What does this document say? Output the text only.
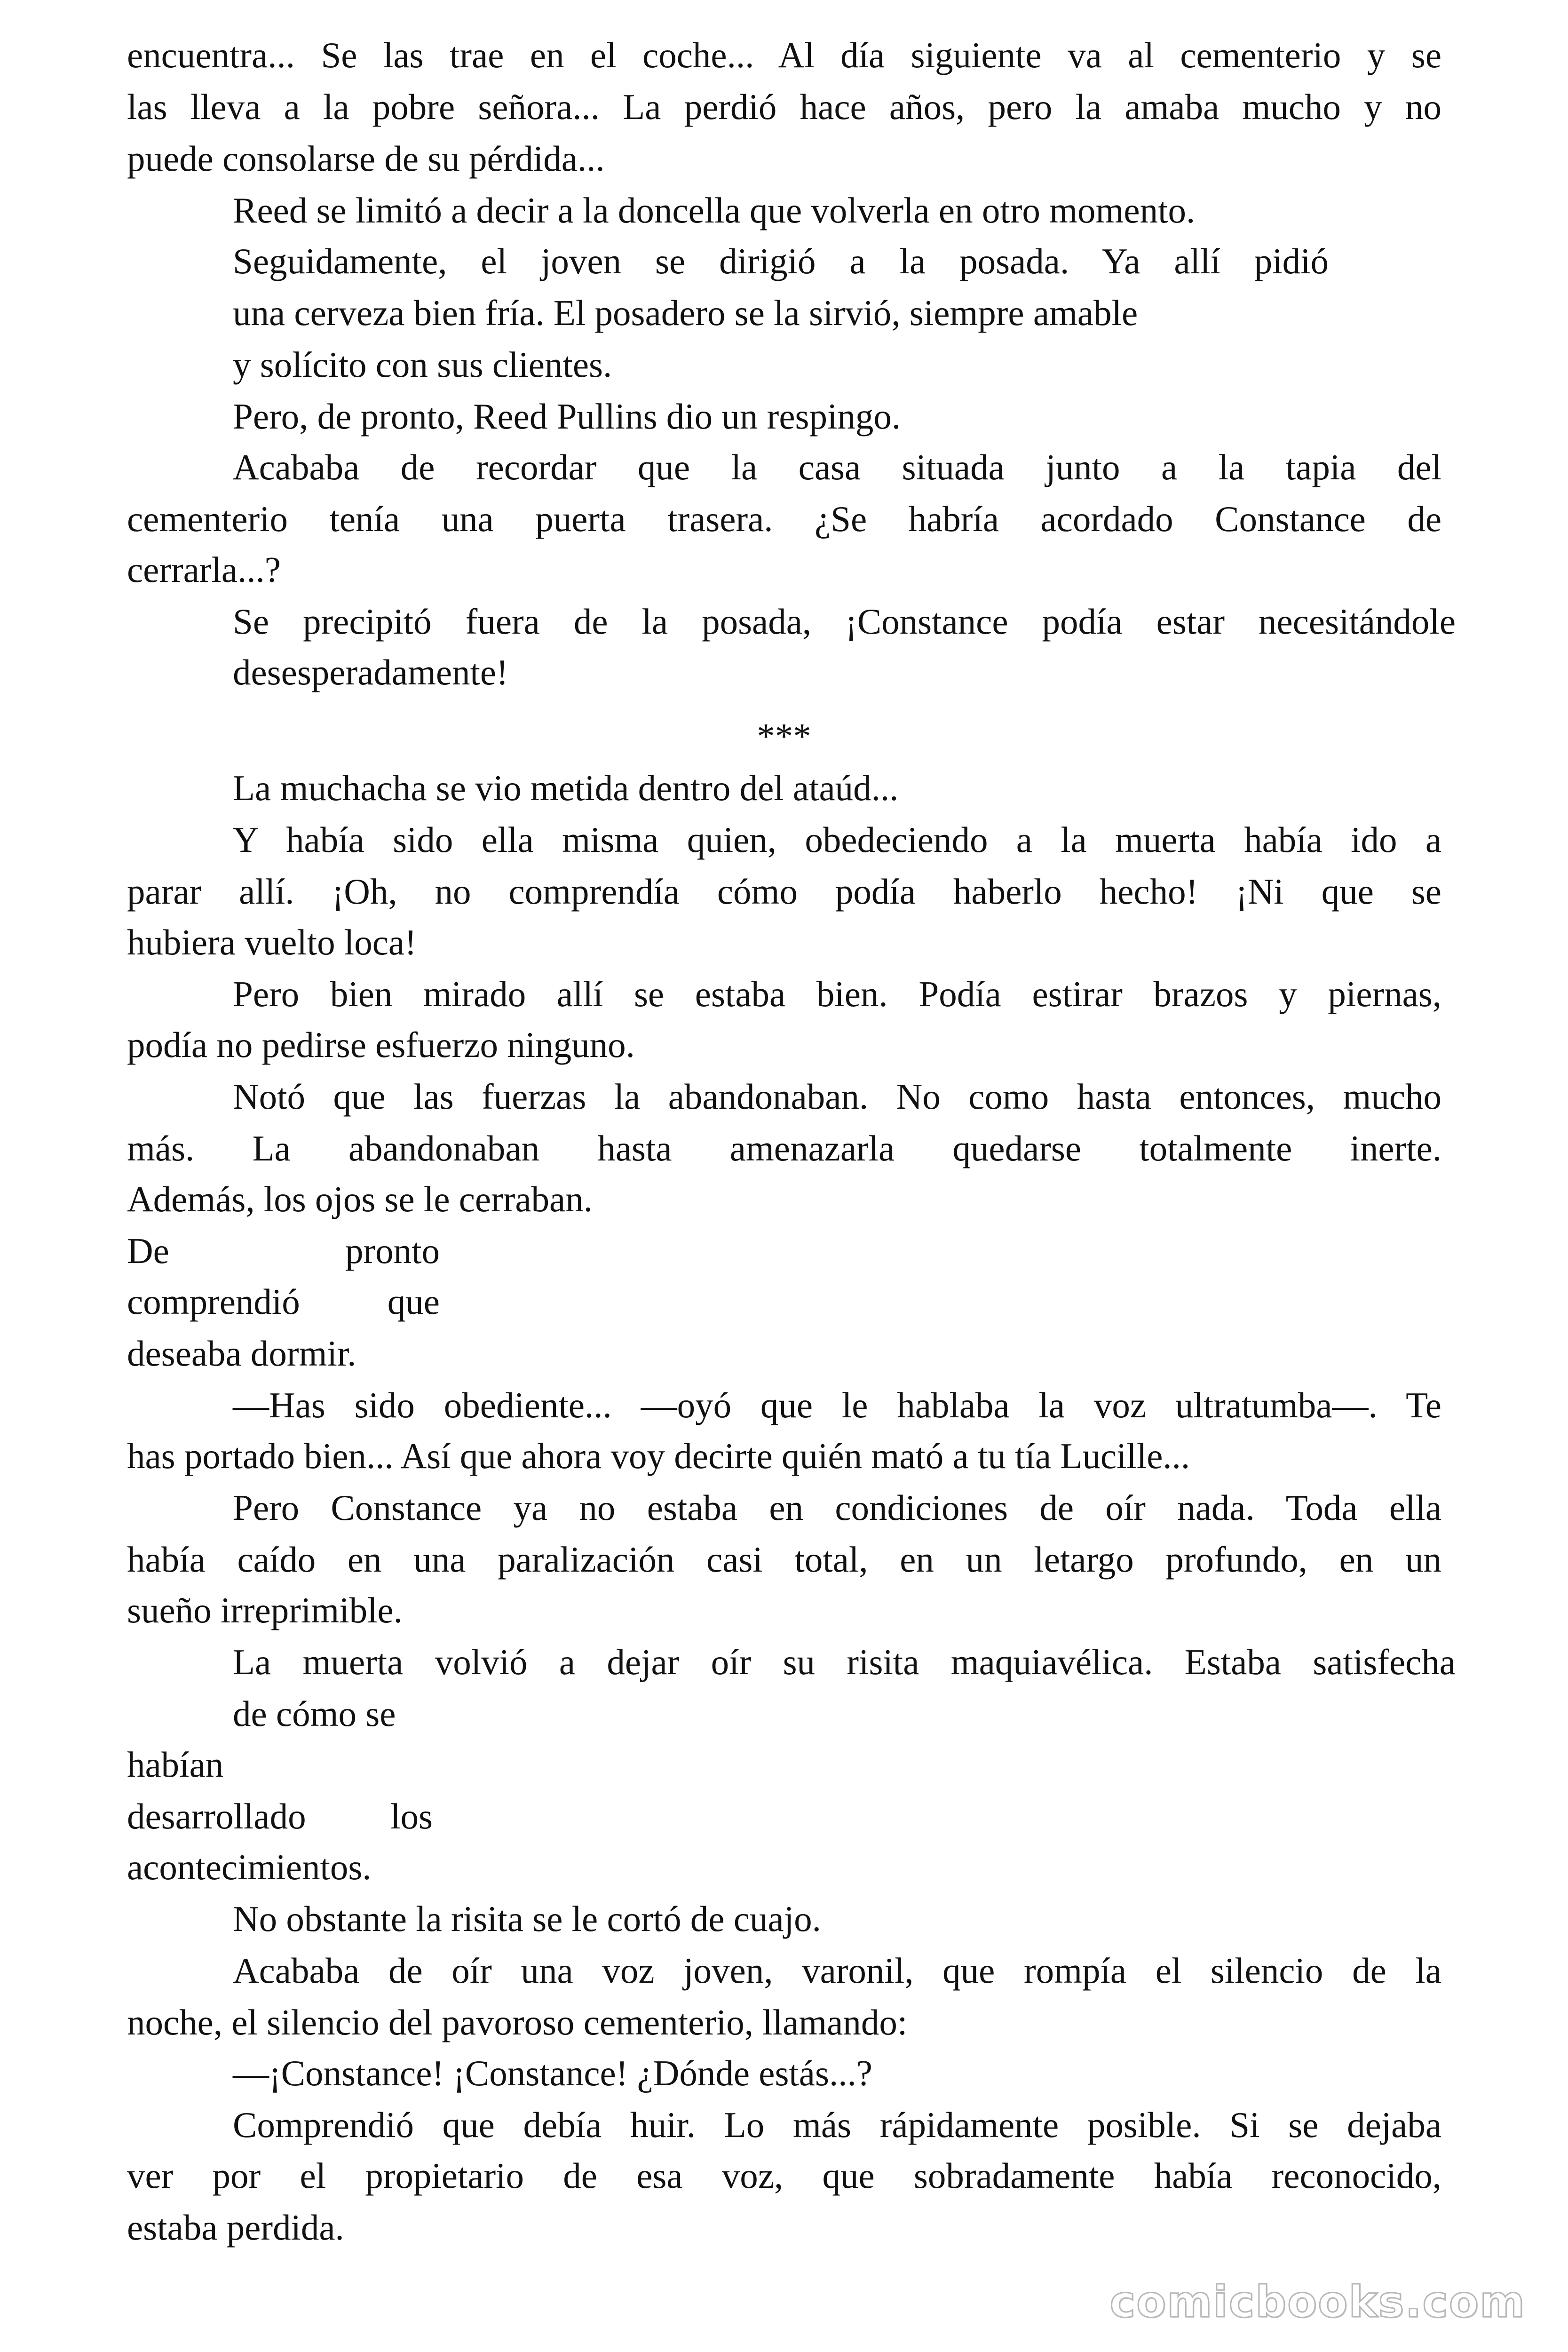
encuentra... Se las trae en el coche... Al día siguiente va al cementerio y se
las lleva a la pobre señora... La perdió hace años, pero la amaba mucho y no
puede consolarse de su pérdida...
Reed se limitó a decir a la doncella que volverla en otro momento.
Seguidamente, el joven se dirigió a la posada. Ya allí pidió
una cerveza bien fría. El posadero se la sirvió, siempre amable
y solícito con sus clientes.
Pero, de pronto, Reed Pullins dio un respingo.
Acababa de recordar que la casa situada junto a la tapia del
cementerio tenía una puerta trasera. ¿Se habría acordado Constance de
cerrarla...?
Se precipitó fuera de la posada, ¡Constance podía estar necesitándole
desesperadamente!
La muchacha se vio metida dentro del ataúd...
Y había sido ella misma quien, obedeciendo a la muerta había ido a
parar allí. ¡Oh, no comprendía cómo podía haberlo hecho! ¡Ni que se
hubiera vuelto loca!
Pero bien mirado allí se estaba bien. Podía estirar brazos y piernas,
podía no pedirse esfuerzo ninguno.
Notó que las fuerzas la abandonaban. No como hasta entonces, mucho
más. La abandonaban hasta amenazarla quedarse totalmente inerte.
Además, los ojos se le cerraban.
De pronto
comprendió que
deseaba dormir.
—Has sido obediente... —oyó que le hablaba la voz ultratumba—. Te
has portado bien... Así que ahora voy decirte quién mató a tu tía Lucille...
Pero Constance ya no estaba en condiciones de oír nada. Toda ella
había caído en una paralización casi total, en un letargo profundo, en un
sueño irreprimible.
La muerta volvió a dejar oír su risita maquiavélica. Estaba satisfecha
de cómo se
habían
desarrollado los
acontecimientos.
No obstante la risita se le cortó de cuajo.
Acababa de oír una voz joven, varonil, que rompía el silencio de la
noche, el silencio del pavoroso cementerio, llamando:
—¡Constance! ¡Constance! ¿Dónde estás...?
Comprendió que debía huir. Lo más rápidamente posible. Si se dejaba
ver por el propietario de esa voz, que sobradamente había reconocido,
estaba perdida.
***
comicbooks.com
